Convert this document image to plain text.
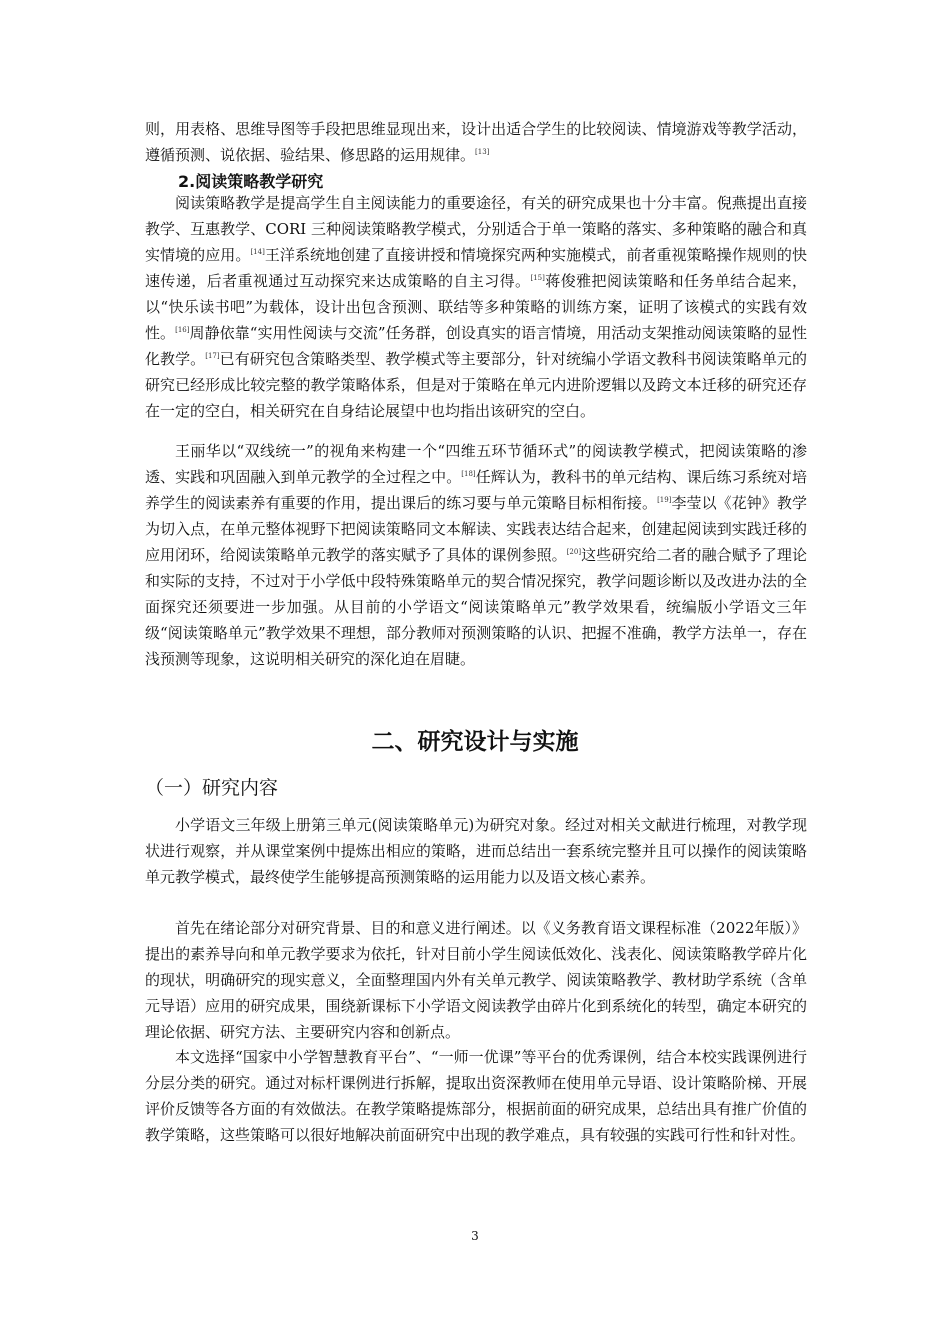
则，用表格、思维导图等手段把思维显现出来，设计出适合学生的比较阅读、情境游戏等教学活动，遵循预测、说依据、验结果、修思路的运用规律。[13]

2.阅读策略教学研究

阅读策略教学是提高学生自主阅读能力的重要途径，有关的研究成果也十分丰富。倪燕提出直接教学、互惠教学、CORI 三种阅读策略教学模式，分别适合于单一策略的落实、多种策略的融合和真实情境的应用。[14]王洋系统地创建了直接讲授和情境探究两种实施模式，前者重视策略操作规则的快速传递，后者重视通过互动探究来达成策略的自主习得。[15]蒋俊雅把阅读策略和任务单结合起来，以“快乐读书吧”为载体，设计出包含预测、联结等多种策略的训练方案，证明了该模式的实践有效性。[16]周静依靠“实用性阅读与交流”任务群，创设真实的语言情境，用活动支架推动阅读策略的显性化教学。[17]已有研究包含策略类型、教学模式等主要部分，针对统编小学语文教科书阅读策略单元的研究已经形成比较完整的教学策略体系，但是对于策略在单元内进阶逻辑以及跨文本迁移的研究还存在一定的空白，相关研究在自身结论展望中也均指出该研究的空白。

王丽华以“双线统一”的视角来构建一个“四维五环节循环式”的阅读教学模式，把阅读策略的渗透、实践和巩固融入到单元教学的全过程之中。[18]任辉认为，教科书的单元结构、课后练习系统对培养学生的阅读素养有重要的作用，提出课后的练习要与单元策略目标相衔接。[19]李莹以《花钟》教学为切入点，在单元整体视野下把阅读策略同文本解读、实践表达结合起来，创建起阅读到实践迁移的应用闭环，给阅读策略单元教学的落实赋予了具体的课例参照。[20]这些研究给二者的融合赋予了理论和实际的支持，不过对于小学低中段特殊策略单元的契合情况探究，教学问题诊断以及改进办法的全面探究还须要进一步加强。从目前的小学语文“阅读策略单元”教学效果看，统编版小学语文三年级“阅读策略单元”教学效果不理想，部分教师对预测策略的认识、把握不准确，教学方法单一，存在浅预测等现象，这说明相关研究的深化迫在眉睫。

二、研究设计与实施
（一）研究内容

小学语文三年级上册第三单元(阅读策略单元)为研究对象。经过对相关文献进行梳理，对教学现状进行观察，并从课堂案例中提炼出相应的策略，进而总结出一套系统完整并且可以操作的阅读策略单元教学模式，最终使学生能够提高预测策略的运用能力以及语文核心素养。

首先在绪论部分对研究背景、目的和意义进行阐述。以《义务教育语文课程标准（2022年版）》提出的素养导向和单元教学要求为依托，针对目前小学生阅读低效化、浅表化、阅读策略教学碎片化的现状，明确研究的现实意义，全面整理国内外有关单元教学、阅读策略教学、教材助学系统（含单元导语）应用的研究成果，围绕新课标下小学语文阅读教学由碎片化到系统化的转型，确定本研究的理论依据、研究方法、主要研究内容和创新点。

本文选择“国家中小学智慧教育平台”、“一师一优课”等平台的优秀课例，结合本校实践课例进行分层分类的研究。通过对标杆课例进行拆解，提取出资深教师在使用单元导语、设计策略阶梯、开展评价反馈等各方面的有效做法。在教学策略提炼部分，根据前面的研究成果，总结出具有推广价值的教学策略，这些策略可以很好地解决前面研究中出现的教学难点，具有较强的实践可行性和针对性。

3
